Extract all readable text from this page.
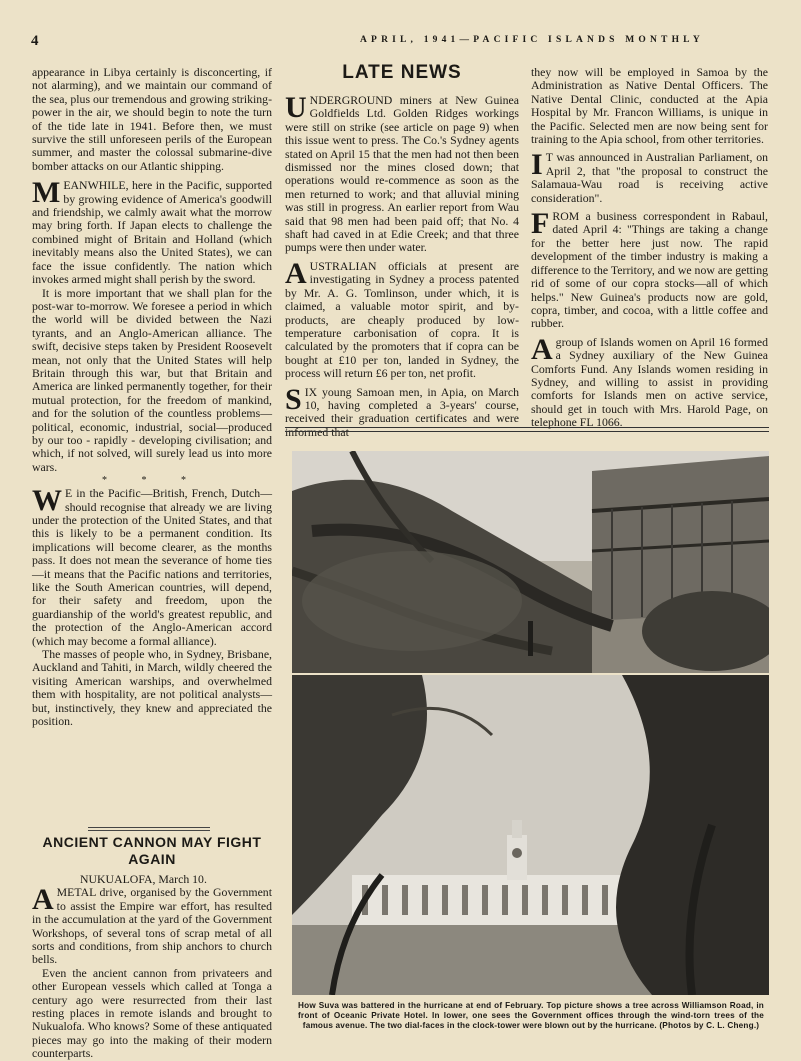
4	APRIL, 1941—PACIFIC ISLANDS MONTHLY

appearance in Libya certainly is disconcerting, if not alarming), and we maintain our command of the sea, plus our tremendous and growing striking-power in the air, we should begin to note the turn of the tide late in 1941. Before then, we must survive the still unforeseen perils of the European summer, and master the colossal submarine-dive bomber attacks on our Atlantic shipping.

MEANWHILE, here in the Pacific, supported by growing evidence of America's goodwill and friendship, we calmly await what the morrow may bring forth. If Japan elects to challenge the combined might of Britain and Holland (which inevitably means also the United States), we can face the issue confidently. The nation which invokes armed might shall perish by the sword.

It is more important that we shall plan for the post-war to-morrow. We foresee a period in which the world will be divided between the Nazi tyrants, and an Anglo-American alliance. The swift, decisive steps taken by President Roosevelt mean, not only that the United States will help Britain through this war, but that Britain and America are linked permanently together, for their mutual protection, for the freedom of mankind, and for the solution of the countless problems—political, economic, industrial, social—produced by our too - rapidly - developing civilisation; and which, if not solved, will surely lead us into more wars.

* * *

W E in the Pacific—British, French, Dutch—should recognise that already we are living under the protection of the United States, and that this is likely to be a permanent condition. Its implications will become clearer, as the months pass. It does not mean the severance of home ties—it means that the Pacific nations and territories, like the South American countries, will depend, for their safety and freedom, upon the guardianship of the world's greatest republic, and the protection of the Anglo-American accord (which may become a formal alliance).

The masses of people who, in Sydney, Brisbane, Auckland and Tahiti, in March, wildly cheered the visiting American warships, and overwhelmed them with hospitality, are not political analysts—but, instinctively, they knew and appreciated the position.

ANCIENT CANNON MAY FIGHT AGAIN
NUKUALOFA, March 10.

AMETAL drive, organised by the Government to assist the Empire war effort, has resulted in the accumulation at the yard of the Government Workshops, of several tons of scrap metal of all sorts and conditions, from ship anchors to church bells.

Even the ancient cannon from privateers and other European vessels which called at Tonga a century ago were resurrected from their last resting places in remote islands and brought to Nukualofa. Who knows? Some of these antiquated pieces may go into the making of their modern counterparts.

LATE NEWS

UNDERGROUND miners at New Guinea Goldfields Ltd. Golden Ridges workings were still on strike (see article on page 9) when this issue went to press. The Co.'s Sydney agents stated on April 15 that the men had not then been dismissed nor the mines closed down; that operations would re-commence as soon as the men returned to work; and that alluvial mining was still in progress. An earlier report from Wau said that 98 men had been paid off; that No. 4 shaft had caved in at Edie Creek; and that three pumps were then under water.

AUSTRALIAN officials at present are investigating in Sydney a process patented by Mr. A. G. Tomlinson, under which, it is claimed, a valuable motor spirit, and by-products, are cheaply produced by low-temperature carbonisation of copra. It is calculated by the promoters that if copra can be bought at £10 per ton, landed in Sydney, the process will return £6 per ton, net profit.

SIX young Samoan men, in Apia, on March 10, having completed a 3-years' course, received their graduation certificates and were informed that

they now will be employed in Samoa by the Administration as Native Dental Officers. The Native Dental Clinic, conducted at the Apia Hospital by Mr. Francon Williams, is unique in the Pacific. Selected men are now being sent for training to the Apia school, from other territories.

I T was announced in Australian Parliament, on April 2, that "the proposal to construct the Salamaua-Wau road is receiving active consideration".

FROM a business correspondent in Rabaul, dated April 4: "Things are taking a change for the better here just now. The rapid development of the timber industry is making a difference to the Territory, and we now are getting rid of some of our copra stocks—all of which helps." New Guinea's products now are gold, copra, timber, and cocoa, with a little coffee and rubber.

Agroup of Islands women on April 16 formed a Sydney auxiliary of the New Guinea Comforts Fund. Any Islands women residing in Sydney, and willing to assist in providing comforts for Islands men on active service, should get in touch with Mrs. Harold Page, on telephone FL 1066.

How Suva was battered in the hurricane at end of February. Top picture shows a tree across Williamson Road, in front of Oceanic Private Hotel. In lower, one sees the Government offices through the wind-torn trees of the famous avenue. The two dial-faces in the clock-tower were blown out by the hurricane. (Photos by C. L. Cheng.)
